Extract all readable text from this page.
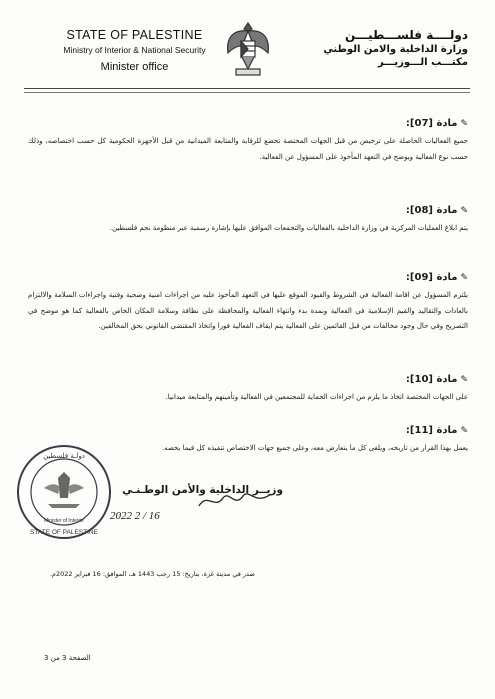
STATE OF PALESTINE
Ministry of Interior & National Security
Minister office
دولــــة فلســـطيـــن
وزارة الداخلية والامن الوطني
مكتـــب الـــوزيـــر
✎
مادة [07]:
جميع الفعاليات الحاصلة على ترخيص من قبل الجهات المختصة تخضع للرقابة والمتابعة الميدانية من قبل الأجهزة الحكومية كل حسب اختصاصه، وذلك حسب نوع الفعالية ويوضح في التعهد المأخوذ على المسؤول عن الفعالية.
✎
مادة [08]:
يتم ابلاغ العمليات المركزية في وزارة الداخلية بالفعاليات والتجمعات الموافق عليها بإشارة رسمية عبر منظومة نجم فلسطين.
✎
مادة [09]:
يلتزم المسؤول عن اقامة الفعالية في الشروط والقيود الموقع عليها في التعهد المأخوذ عليه من اجراءات امنية وصحية وفنية واجراءات السلامة والالتزام بالعادات والتقاليد والقيم الإسلامية في الفعالية وبمدة بدء وانتهاء الفعالية والمحافظة على نظافة وسلامة المكان الخاص بالفعالية كما هو موضح في التصريح وفي حال وجود مخالفات من قبل القائمين على الفعالية يتم ايقاف الفعالية فورا واتخاذ المقتضى القانوني بحق المخالفين.
✎
مادة [10]:
على الجهات المختصة اتخاذ ما يلزم من اجراءات الحماية للمجتمعين في الفعالية وتأمينهم والمتابعة ميدانيا.
✎
مادة [11]:
يعمل بهذا القرار من تاريخه، ويلغى كل ما يتعارض معه، وعلى جميع جهات الاختصاص تنفيذه كل فيما يخصه.
دولـة فلسطين
STATE OF PALESTINE
Minister of Interior
وزيــر الداخلية والأمن الوطـنـي
2022 2 / 16
صدر في مدينة غزة، بتاريخ: 15 رجب 1443 هـ، الموافق: 16 فبراير 2022م.
الصفحة 3 من 3
